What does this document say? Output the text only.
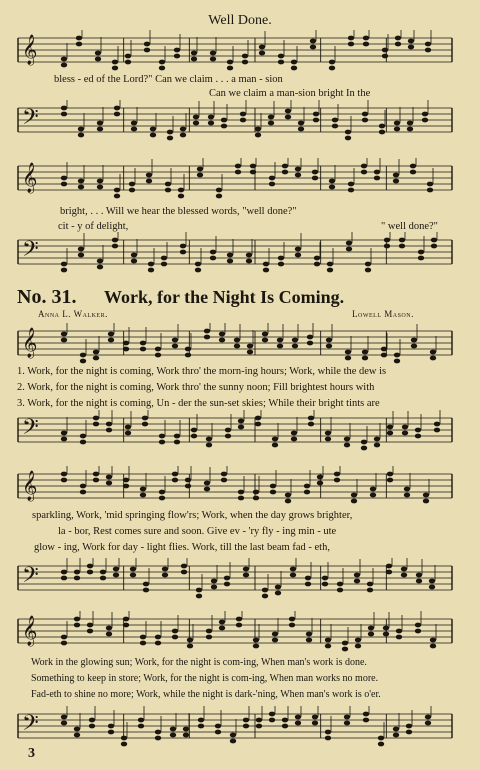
Well Done.
𝄞
bless - ed of the Lord?" Can we claim . . . a man - sion
Can we claim a man-sion bright In the
𝄢
𝄞
bright, . . . Will we hear the blessed words, "well done?"
cit - y of delight,	" well done?"
𝄢
No. 31. Work, for the Night Is Coming.
Anna L. Walker.	Lowell Mason.
𝄞
1. Work, for the night is coming, Work thro' the morn-ing hours; Work, while the dew is
2. Work, for the night is coming, Work thro' the sunny noon; Fill brightest hours with
3. Work, for the night is coming, Un - der the sun-set skies; While their bright tints are
𝄢
𝄞
sparkling, Work, 'mid springing flow'rs; Work, when the day grows brighter,
la - bor, Rest comes sure and soon. Give ev - 'ry fly - ing min - ute
glow - ing, Work for day - light flies. Work, till the last beam fad - eth,
𝄢
𝄞
Work in the glowing sun; Work, for the night is com-ing, When man's work is done.
Something to keep in store; Work, for the night is com-ing, When man works no more.
Fad-eth to shine no more; Work, while the night is dark-'ning, When man's work is o'er.
𝄢
3
